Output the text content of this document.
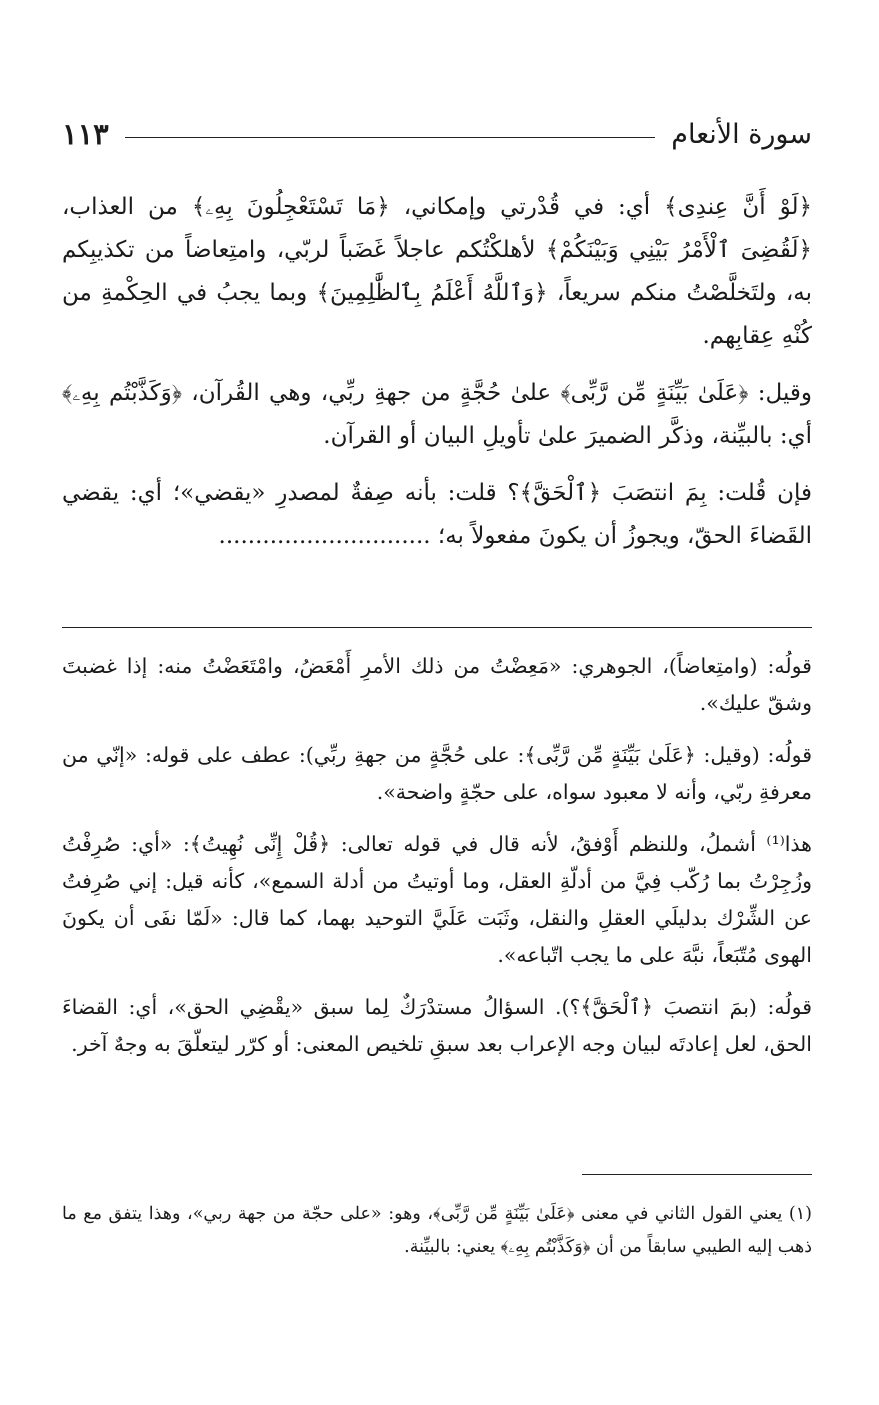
سورة الأنعام
١١٣

﴿لَوْ أَنَّ عِندِى﴾ أي: في قُدْرتي وإمكاني، ﴿مَا تَسْتَعْجِلُونَ بِهِۦ﴾ من العذاب، ﴿لَقُضِىَ ٱلْأَمْرُ بَيْنِي وَبَيْنَكُمْ﴾ لأهلكْتُكم عاجلاً غَضَباً لربّي، وامتِعاضاً من تكذيبِكم به، ولتَخلَّصْتُ منكم سريعاً، ﴿وَٱللَّهُ أَعْلَمُ بِٱلظَّٰلِمِينَ﴾ وبما يجبُ في الحِكْمةِ من كُنْهِ عِقابِهم.

وقيل: ﴿عَلَىٰ بَيِّنَةٍ مِّن رَّبِّى﴾ علىٰ حُجَّةٍ من جهةِ ربِّي، وهي القُرآن، ﴿وَكَذَّبْتُم بِهِۦ﴾ أي: بالبيِّنة، وذكَّر الضميرَ علىٰ تأويلِ البيان أو القرآن.

فإن قُلت: بِمَ انتصَبَ ﴿ٱلْحَقَّ﴾؟ قلت: بأنه صِفةٌ لمصدرِ «يقضي»؛ أي: يقضي القَضاءَ الحقّ، ويجوزُ أن يكونَ مفعولاً به؛ .............................

قولُه: (وامتِعاضاً)، الجوهري: «مَعِضْتُ من ذلك الأمرِ أَمْعَضُ، وامْتَعَضْتُ منه: إذا غضبتَ وشقّ عليك».

قولُه: (وقيل: ﴿عَلَىٰ بَيِّنَةٍ مِّن رَّبِّى﴾: على حُجَّةٍ من جهةِ ربِّي): عطف على قوله: «إنّي من معرفةِ ربّي، وأنه لا معبود سواه، على حجّةٍ واضحة».

هذا⁽¹⁾ أشملُ، وللنظم أَوْفقُ، لأنه قال في قوله تعالى: ﴿قُلْ إِنِّى نُهِيتُ﴾: «أي: صُرِفْتُ وزُجِرْتُ بما رُكّب فِيَّ من أدلّةِ العقل، وما أوتيتُ من أدلة السمع»، كأنه قيل: إني صُرِفتُ عن الشِّرْك بدليلَي العقلِ والنقل، وثَبَت عَلَيَّ التوحيد بهما، كما قال: «لَمّا نفَى أن يكونَ الهوى مُتّبَعاً، نبَّهَ على ما يجب اتّباعه».

قولُه: (بمَ انتصبَ ﴿ٱلْحَقَّ﴾؟). السؤالُ مستدْرَكٌ لِما سبق «يقْضِي الحق»، أي: القضاءَ الحق، لعل إعادتَه لبيان وجه الإعراب بعد سبقِ تلخيص المعنى: أو كرّر ليتعلّقَ به وجهٌ آخر.

(١) يعني القول الثاني في معنى ﴿عَلَىٰ بَيِّنَةٍ مِّن رَّبِّى﴾، وهو: «على حجّة من جهة ربي»، وهذا يتفق مع ما ذهب إليه الطيبي سابقاً من أن ﴿وَكَذَّبْتُم بِهِۦ﴾ يعني: بالبيِّنة.
